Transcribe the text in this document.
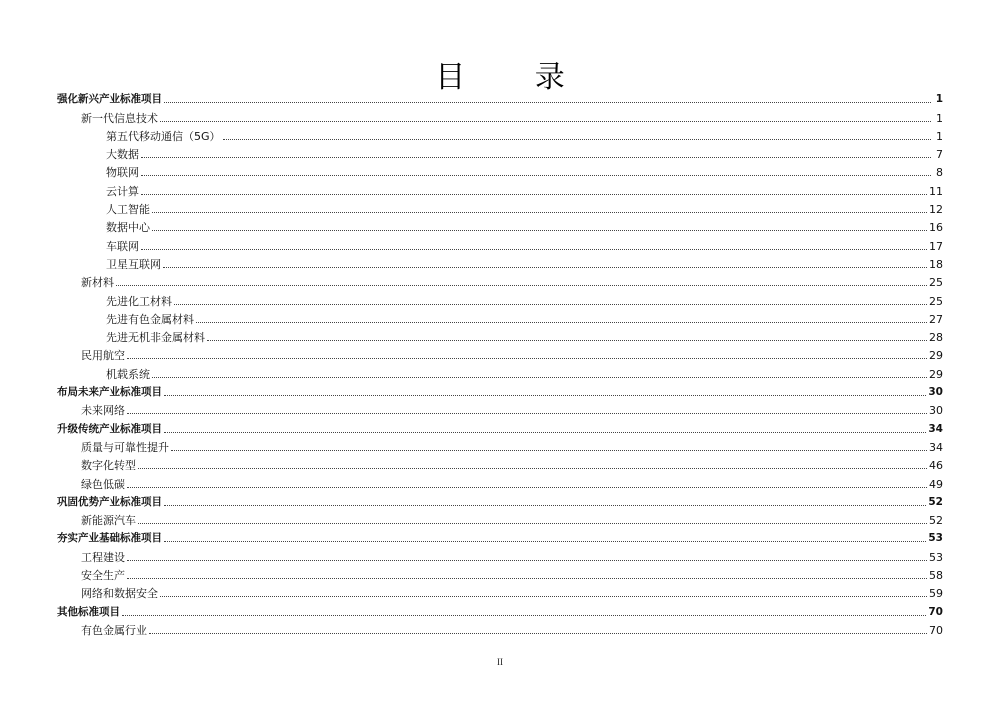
目 录
强化新兴产业标准项目	1
新一代信息技术	1
第五代移动通信（5G）	1
大数据	7
物联网	8
云计算	11
人工智能	12
数据中心	16
车联网	17
卫星互联网	18
新材料	25
先进化工材料	25
先进有色金属材料	27
先进无机非金属材料	28
民用航空	29
机载系统	29
布局未来产业标准项目	30
未来网络	30
升级传统产业标准项目	34
质量与可靠性提升	34
数字化转型	46
绿色低碳	49
巩固优势产业标准项目	52
新能源汽车	52
夯实产业基础标准项目	53
工程建设	53
安全生产	58
网络和数据安全	59
其他标准项目	70
有色金属行业	70
II
